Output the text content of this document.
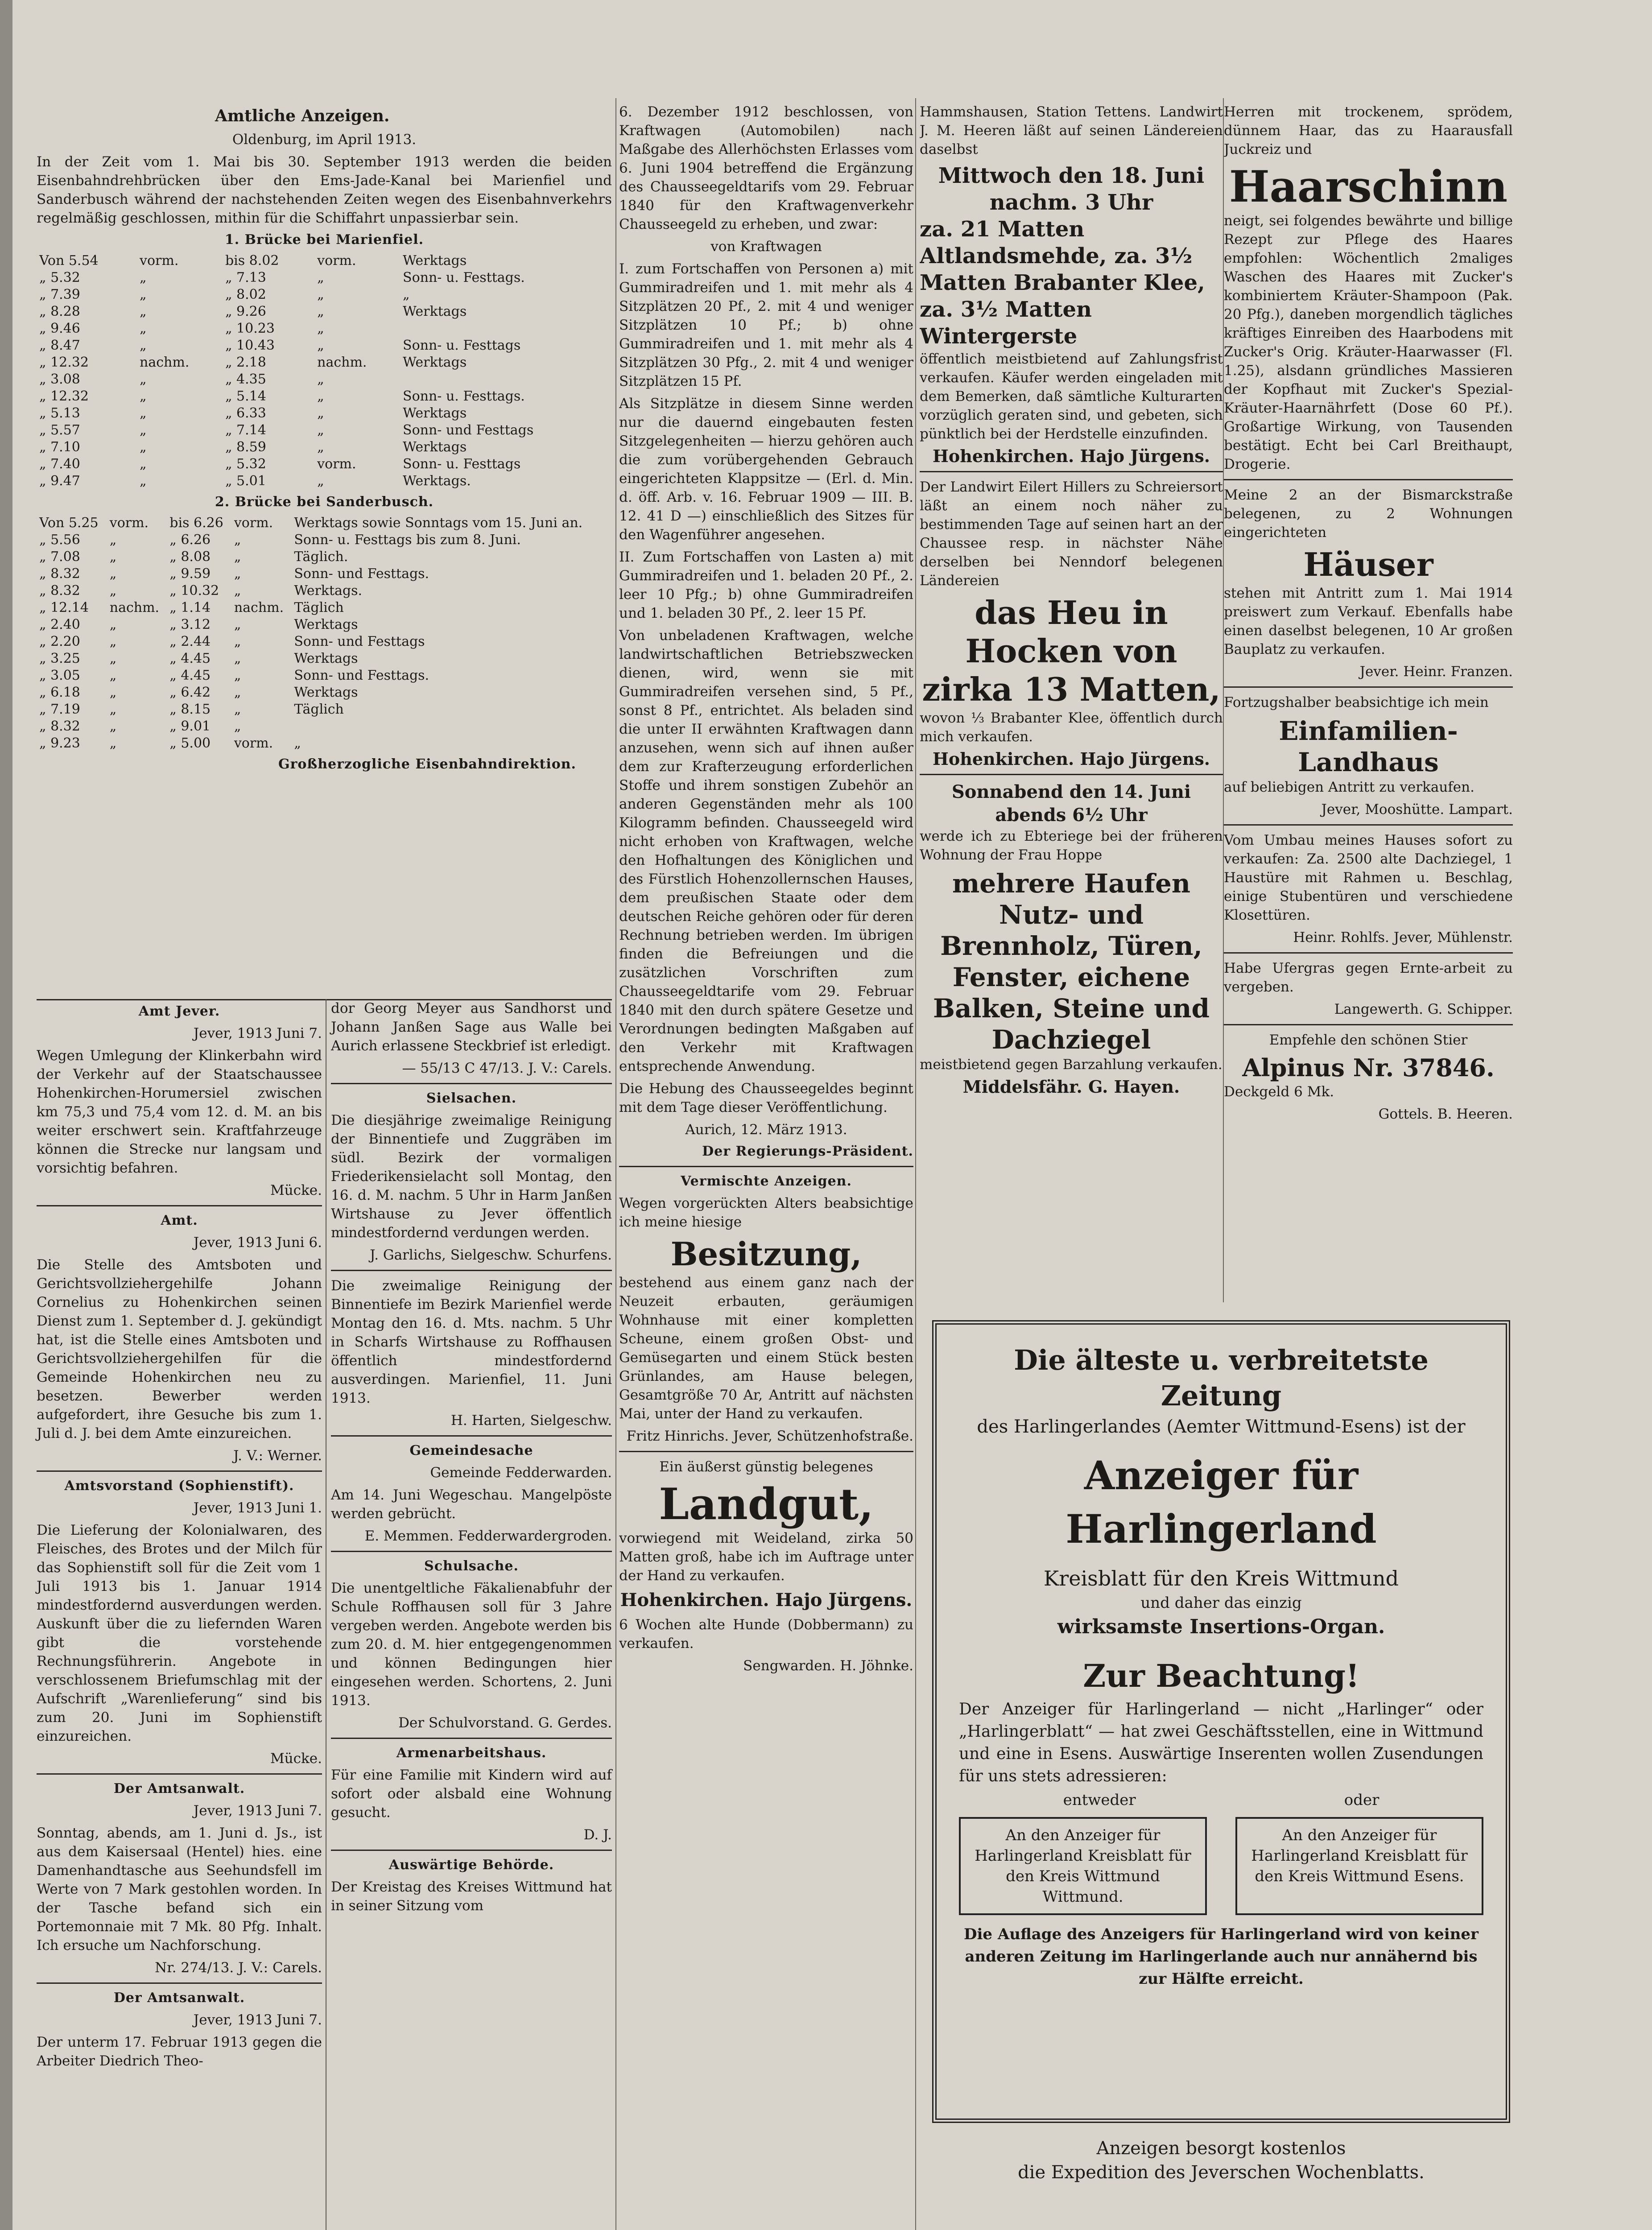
Amtliche Anzeigen.

Oldenburg, im April 1913.

In der Zeit vom 1. Mai bis 30. September 1913 werden die beiden Eisenbahndrehbrücken über den Ems-Jade-Kanal bei Marienfiel und Sanderbusch während der nachstehenden Zeiten wegen des Eisenbahnverkehrs regelmäßig geschlossen, mithin für die Schiffahrt unpassierbar sein.

1. Brücke bei Marienfiel.
Von 5.54	vorm.	bis 8.02	vorm.	Werktags
„ 5.32	„	„ 7.13	„	Sonn- u. Festtags.
„ 7.39	„	„ 8.02	„	„
„ 8.28	„	„ 9.26	„	Werktags
„ 9.46	„	„ 10.23	„	
„ 8.47	„	„ 10.43	„	Sonn- u. Festtags
„ 12.32	nachm.	„ 2.18	nachm.	Werktags
„ 3.08	„	„ 4.35	„	
„ 12.32	„	„ 5.14	„	Sonn- u. Festtags.
„ 5.13	„	„ 6.33	„	Werktags
„ 5.57	„	„ 7.14	„	Sonn- und Festtags
„ 7.10	„	„ 8.59	„	Werktags
„ 7.40	„	„ 5.32	vorm.	Sonn- u. Festtags
„ 9.47	„	„ 5.01	„	Werktags.
2. Brücke bei Sanderbusch.
Von 5.25	vorm.	bis 6.26	vorm.	Werktags sowie Sonntags vom 15. Juni an.
„ 5.56	„	„ 6.26	„	Sonn- u. Festtags bis zum 8. Juni.
„ 7.08	„	„ 8.08	„	Täglich.
„ 8.32	„	„ 9.59	„	Sonn- und Festtags.
„ 8.32	„	„ 10.32	„	Werktags.
„ 12.14	nachm.	„ 1.14	nachm.	Täglich
„ 2.40	„	„ 3.12	„	Werktags
„ 2.20	„	„ 2.44	„	Sonn- und Festtags
„ 3.25	„	„ 4.45	„	Werktags
„ 3.05	„	„ 4.45	„	Sonn- und Festtags.
„ 6.18	„	„ 6.42	„	Werktags
„ 7.19	„	„ 8.15	„	Täglich
„ 8.32	„	„ 9.01	„	
„ 9.23	„	„ 5.00	vorm.	„
Großherzogliche Eisenbahndirektion.
Amt Jever.

Jever, 1913 Juni 7.

Wegen Umlegung der Klinkerbahn wird der Verkehr auf der Staatschaussee Hohenkirchen-Horumersiel zwischen km 75,3 und 75,4 vom 12. d. M. an bis weiter erschwert sein. Kraftfahrzeuge können die Strecke nur langsam und vorsichtig befahren.

Mücke.

Amt.

Jever, 1913 Juni 6.

Die Stelle des Amtsboten und Gerichtsvollziehergehilfe Johann Cornelius zu Hohenkirchen seinen Dienst zum 1. September d. J. gekündigt hat, ist die Stelle eines Amtsboten und Gerichtsvollziehergehilfen für die Gemeinde Hohenkirchen neu zu besetzen. Bewerber werden aufgefordert, ihre Gesuche bis zum 1. Juli d. J. bei dem Amte einzureichen.

J. V.: Werner.

Amtsvorstand (Sophienstift).

Jever, 1913 Juni 1.

Die Lieferung der Kolonialwaren, des Fleisches, des Brotes und der Milch für das Sophienstift soll für die Zeit vom 1 Juli 1913 bis 1. Januar 1914 mindestfordernd ausverdungen werden. Auskunft über die zu liefernden Waren gibt die vorstehende Rechnungsführerin. Angebote in verschlossenem Briefumschlag mit der Aufschrift „Warenlieferung“ sind bis zum 20. Juni im Sophienstift einzureichen.

Mücke.

Der Amtsanwalt.

Jever, 1913 Juni 7.

Sonntag, abends, am 1. Juni d. Js., ist aus dem Kaisersaal (Hentel) hies. eine Damenhandtasche aus Seehundsfell im Werte von 7 Mark gestohlen worden. In der Tasche befand sich ein Portemonnaie mit 7 Mk. 80 Pfg. Inhalt. Ich ersuche um Nachforschung.

Nr. 274/13. J. V.: Carels.

Der Amtsanwalt.

Jever, 1913 Juni 7.

Der unterm 17. Februar 1913 gegen die Arbeiter Diedrich Theo-

dor Georg Meyer aus Sandhorst und Johann Janßen Sage aus Walle bei Aurich erlassene Steckbrief ist erledigt.

— 55/13 C 47/13. J. V.: Carels.

Sielsachen.

Die diesjährige zweimalige Reinigung der Binnentiefe und Zuggräben im südl. Bezirk der vormaligen Friederikensielacht soll Montag, den 16. d. M. nachm. 5 Uhr in Harm Janßen Wirtshause zu Jever öffentlich mindestfordernd verdungen werden.

J. Garlichs, Sielgeschw. Schurfens.

Die zweimalige Reinigung der Binnentiefe im Bezirk Marienfiel werde Montag den 16. d. Mts. nachm. 5 Uhr in Scharfs Wirtshause zu Roffhausen öffentlich mindestfordernd ausverdingen. Marienfiel, 11. Juni 1913.

H. Harten, Sielgeschw.

Gemeindesache

Gemeinde Fedderwarden.

Am 14. Juni Wegeschau. Mangelpöste werden gebrücht.

E. Memmen. Fedderwardergroden.

Schulsache.

Die unentgeltliche Fäkalienabfuhr der Schule Roffhausen soll für 3 Jahre vergeben werden. Angebote werden bis zum 20. d. M. hier entgegengenommen und können Bedingungen hier eingesehen werden. Schortens, 2. Juni 1913.

Der Schulvorstand. G. Gerdes.

Armenarbeitshaus.

Für eine Familie mit Kindern wird auf sofort oder alsbald eine Wohnung gesucht.

D. J.

Auswärtige Behörde.

Der Kreistag des Kreises Wittmund hat in seiner Sitzung vom

6. Dezember 1912 beschlossen, von Kraftwagen (Automobilen) nach Maßgabe des Allerhöchsten Erlasses vom 6. Juni 1904 betreffend die Ergänzung des Chausseegeldtarifs vom 29. Februar 1840 für den Kraftwagenverkehr Chausseegeld zu erheben, und zwar:

von Kraftwagen

I. zum Fortschaffen von Personen a) mit Gummiradreifen und 1. mit mehr als 4 Sitzplätzen 20 Pf., 2. mit 4 und weniger Sitzplätzen 10 Pf.; b) ohne Gummiradreifen und 1. mit mehr als 4 Sitzplätzen 30 Pfg., 2. mit 4 und weniger Sitzplätzen 15 Pf.

Als Sitzplätze in diesem Sinne werden nur die dauernd eingebauten festen Sitzgelegenheiten — hierzu gehören auch die zum vorübergehenden Gebrauch eingerichteten Klappsitze — (Erl. d. Min. d. öff. Arb. v. 16. Februar 1909 — III. B. 12. 41 D —) einschließlich des Sitzes für den Wagenführer angesehen.

II. Zum Fortschaffen von Lasten a) mit Gummiradreifen und 1. beladen 20 Pf., 2. leer 10 Pfg.; b) ohne Gummiradreifen und 1. beladen 30 Pf., 2. leer 15 Pf.

Von unbeladenen Kraftwagen, welche landwirtschaftlichen Betriebszwecken dienen, wird, wenn sie mit Gummiradreifen versehen sind, 5 Pf., sonst 8 Pf., entrichtet. Als beladen sind die unter II erwähnten Kraftwagen dann anzusehen, wenn sich auf ihnen außer dem zur Krafterzeugung erforderlichen Stoffe und ihrem sonstigen Zubehör an anderen Gegenständen mehr als 100 Kilogramm befinden. Chausseegeld wird nicht erhoben von Kraftwagen, welche den Hofhaltungen des Königlichen und des Fürstlich Hohenzollernschen Hauses, dem preußischen Staate oder dem deutschen Reiche gehören oder für deren Rechnung betrieben werden. Im übrigen finden die Befreiungen und die zusätzlichen Vorschriften zum Chausseegeldtarife vom 29. Februar 1840 mit den durch spätere Gesetze und Verordnungen bedingten Maßgaben auf den Verkehr mit Kraftwagen entsprechende Anwendung.

Die Hebung des Chausseegeldes beginnt mit dem Tage dieser Veröffentlichung.

Aurich, 12. März 1913.

Der Regierungs-Präsident.
Vermischte Anzeigen.

Wegen vorgerückten Alters beabsichtige ich meine hiesige

Besitzung,

bestehend aus einem ganz nach der Neuzeit erbauten, geräumigen Wohnhause mit einer kompletten Scheune, einem großen Obst- und Gemüsegarten und einem Stück besten Grünlandes, am Hause belegen, Gesamtgröße 70 Ar, Antritt auf nächsten Mai, unter der Hand zu verkaufen.

Fritz Hinrichs. Jever, Schützenhofstraße.

Ein äußerst günstig belegenes

Landgut,

vorwiegend mit Weideland, zirka 50 Matten groß, habe ich im Auftrage unter der Hand zu verkaufen.

Hohenkirchen. Hajo Jürgens.

6 Wochen alte Hunde (Dobbermann) zu verkaufen.

Sengwarden. H. Jöhnke.

Hammshausen, Station Tettens. Landwirt J. M. Heeren läßt auf seinen Ländereien daselbst

Mittwoch den 18. Juni nachm. 3 Uhr
za. 21 Matten Altlandsmehde, za. 3½ Matten Brabanter Klee, za. 3½ Matten Wintergerste

öffentlich meistbietend auf Zahlungsfrist verkaufen. Käufer werden eingeladen mit dem Bemerken, daß sämtliche Kulturarten vorzüglich geraten sind, und gebeten, sich pünktlich bei der Herdstelle einzufinden.

Hohenkirchen. Hajo Jürgens.

Der Landwirt Eilert Hillers zu Schreiersort läßt an einem noch näher zu bestimmenden Tage auf seinen hart an der Chaussee resp. in nächster Nähe derselben bei Nenndorf belegenen Ländereien

das Heu in Hocken von zirka 13 Matten,

wovon ⅓ Brabanter Klee, öffentlich durch mich verkaufen.

Hohenkirchen. Hajo Jürgens.

Sonnabend den 14. Juni abends 6½ Uhr

werde ich zu Ebteriege bei der früheren Wohnung der Frau Hoppe

mehrere Haufen Nutz- und Brennholz, Türen, Fenster, eichene Balken, Steine und Dachziegel

meistbietend gegen Barzahlung verkaufen.

Middelsfähr. G. Hayen.

Herren mit trockenem, sprödem, dünnem Haar, das zu Haarausfall Juckreiz und

Haarschinn

neigt, sei folgendes bewährte und billige Rezept zur Pflege des Haares empfohlen: Wöchentlich 2maliges Waschen des Haares mit Zucker's kombiniertem Kräuter-Shampoon (Pak. 20 Pfg.), daneben morgendlich tägliches kräftiges Einreiben des Haarbodens mit Zucker's Orig. Kräuter-Haarwasser (Fl. 1.25), alsdann gründliches Massieren der Kopfhaut mit Zucker's Spezial-Kräuter-Haarnährfett (Dose 60 Pf.). Großartige Wirkung, von Tausenden bestätigt. Echt bei Carl Breithaupt, Drogerie.

Meine 2 an der Bismarckstraße belegenen, zu 2 Wohnungen eingerichteten

Häuser

stehen mit Antritt zum 1. Mai 1914 preiswert zum Verkauf. Ebenfalls habe einen daselbst belegenen, 10 Ar großen Bauplatz zu verkaufen.

Jever. Heinr. Franzen.

Fortzugshalber beabsichtige ich mein

Einfamilien-Landhaus

auf beliebigen Antritt zu verkaufen.

Jever, Mooshütte. Lampart.

Vom Umbau meines Hauses sofort zu verkaufen: Za. 2500 alte Dachziegel, 1 Haustüre mit Rahmen u. Beschlag, einige Stubentüren und verschiedene Klosettüren.

Heinr. Rohlfs. Jever, Mühlenstr.

Habe Ufergras gegen Ernte-arbeit zu vergeben.

Langewerth. G. Schipper.

Empfehle den schönen Stier

Alpinus Nr. 37846.

Deckgeld 6 Mk.

Gottels. B. Heeren.

Die älteste u. verbreitetste Zeitung
des Harlingerlandes (Aemter Wittmund-Esens) ist der
Anzeiger für Harlingerland
Kreisblatt für den Kreis Wittmund
und daher das einzig
wirksamste Insertions-Organ.
Zur Beachtung!

Der Anzeiger für Harlingerland — nicht „Harlinger“ oder „Harlingerblatt“ — hat zwei Geschäftsstellen, eine in Wittmund und eine in Esens. Auswärtige Inserenten wollen Zusendungen für uns stets adressieren:

entweder	oder
An den Anzeiger für Harlingerland Kreisblatt für den Kreis Wittmund Wittmund.
An den Anzeiger für Harlingerland Kreisblatt für den Kreis Wittmund Esens.

Die Auflage des Anzeigers für Harlingerland wird von keiner anderen Zeitung im Harlingerlande auch nur annähernd bis zur Hälfte erreicht.

Anzeigen besorgt kostenlos
die Expedition des Jeverschen Wochenblatts.
